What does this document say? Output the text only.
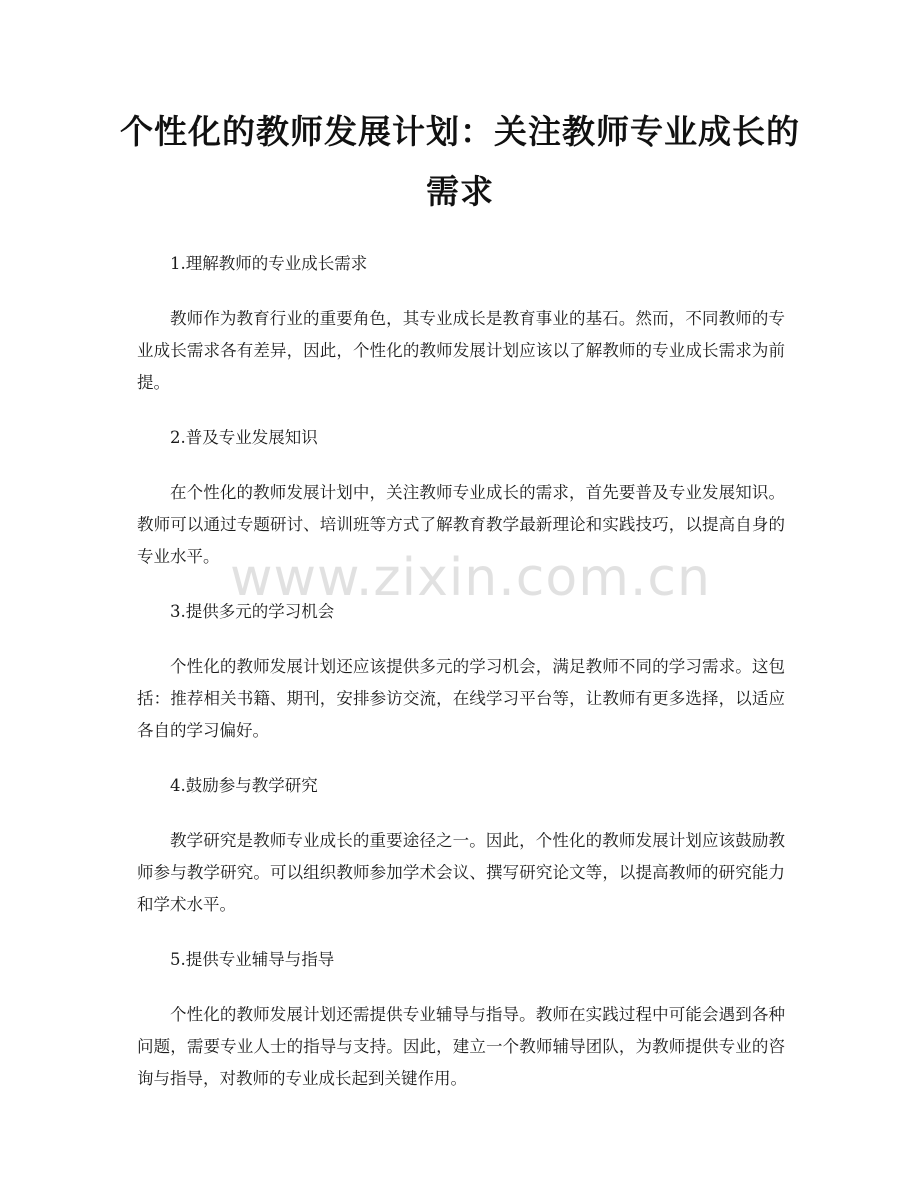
个性化的教师发展计划：关注教师专业成长的需求

1.理解教师的专业成长需求

教师作为教育行业的重要角色，其专业成长是教育事业的基石。然而，不同教师的专业成长需求各有差异，因此，个性化的教师发展计划应该以了解教师的专业成长需求为前提。

2.普及专业发展知识

在个性化的教师发展计划中，关注教师专业成长的需求，首先要普及专业发展知识。教师可以通过专题研讨、培训班等方式了解教育教学最新理论和实践技巧，以提高自身的专业水平。

3.提供多元的学习机会

个性化的教师发展计划还应该提供多元的学习机会，满足教师不同的学习需求。这包括：推荐相关书籍、期刊，安排参访交流，在线学习平台等，让教师有更多选择，以适应各自的学习偏好。

4.鼓励参与教学研究

教学研究是教师专业成长的重要途径之一。因此，个性化的教师发展计划应该鼓励教师参与教学研究。可以组织教师参加学术会议、撰写研究论文等，以提高教师的研究能力和学术水平。

5.提供专业辅导与指导

个性化的教师发展计划还需提供专业辅导与指导。教师在实践过程中可能会遇到各种问题，需要专业人士的指导与支持。因此，建立一个教师辅导团队，为教师提供专业的咨询与指导，对教师的专业成长起到关键作用。

www.zixin.com.cn
